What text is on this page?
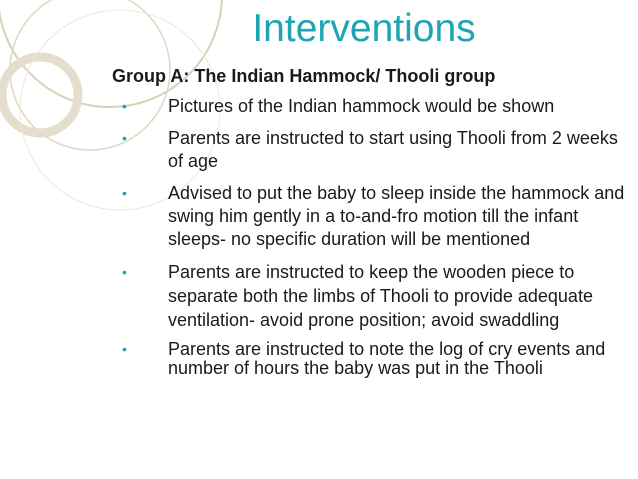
Interventions
Group A: The Indian Hammock/ Thooli group
• Pictures of the Indian hammock would be shown
• Parents are instructed to start using Thooli from 2 weeks of age
• Advised to put the baby to sleep inside the hammock and swing him gently in a to-and-fro motion till the infant sleeps- no specific duration will be mentioned
• Parents are instructed to keep the wooden piece to separate both the limbs of Thooli to provide adequate ventilation- avoid prone position; avoid swaddling
• Parents are instructed to note the log of cry events and number of hours the baby was put in the Thooli
